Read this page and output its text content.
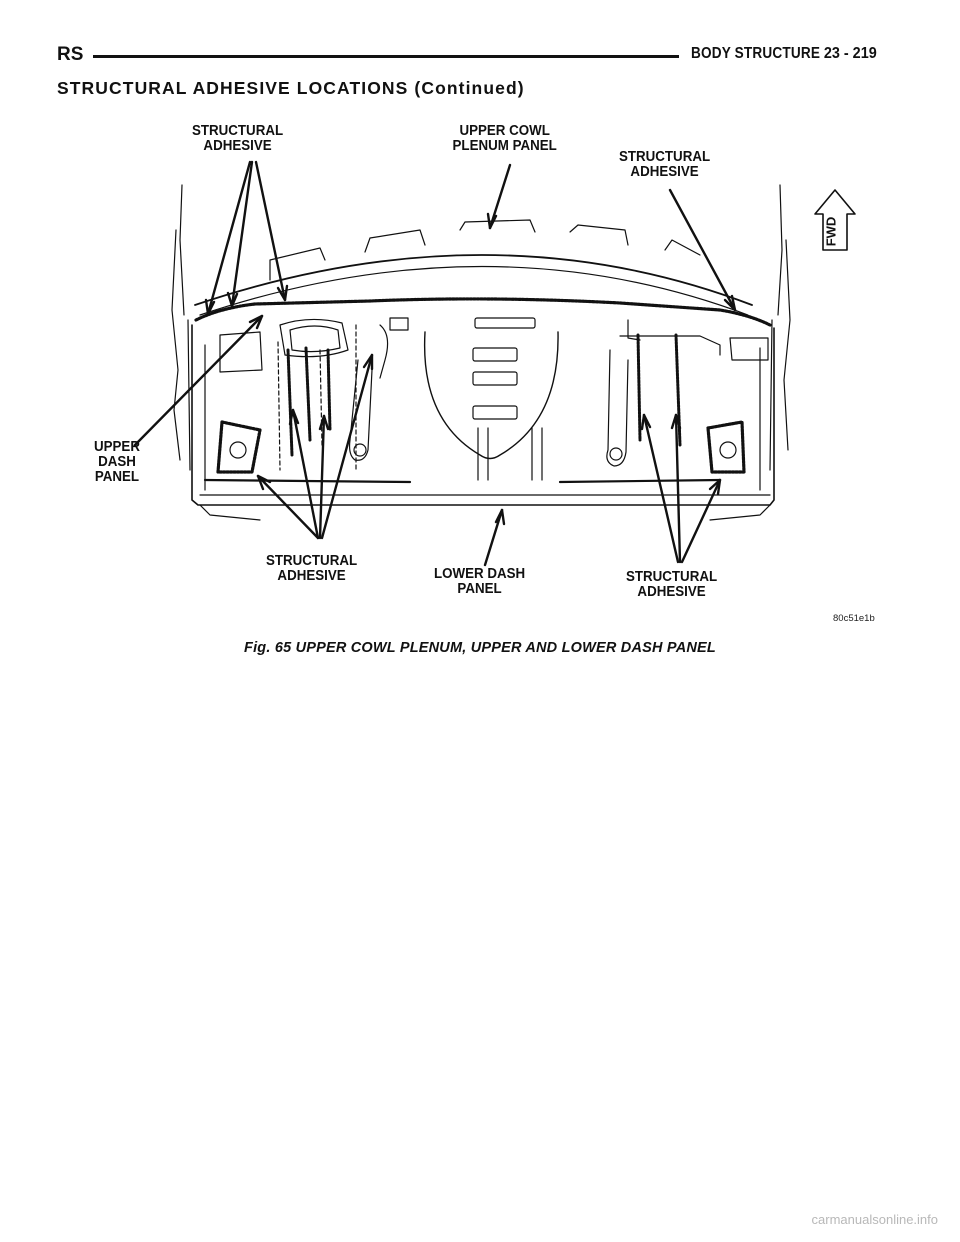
RS	BODY STRUCTURE 23 - 219
STRUCTURAL ADHESIVE LOCATIONS (Continued)
STRUCTURAL
ADHESIVE
UPPER COWL
PLENUM PANEL
STRUCTURAL
ADHESIVE
FWD
UPPER
DASH
PANEL
STRUCTURAL
ADHESIVE	LOWER DASH
PANEL
STRUCTURAL
ADHESIVE
80c51e1b
Fig. 65 UPPER COWL PLENUM, UPPER AND LOWER DASH PANEL
carmanualsonline.info
